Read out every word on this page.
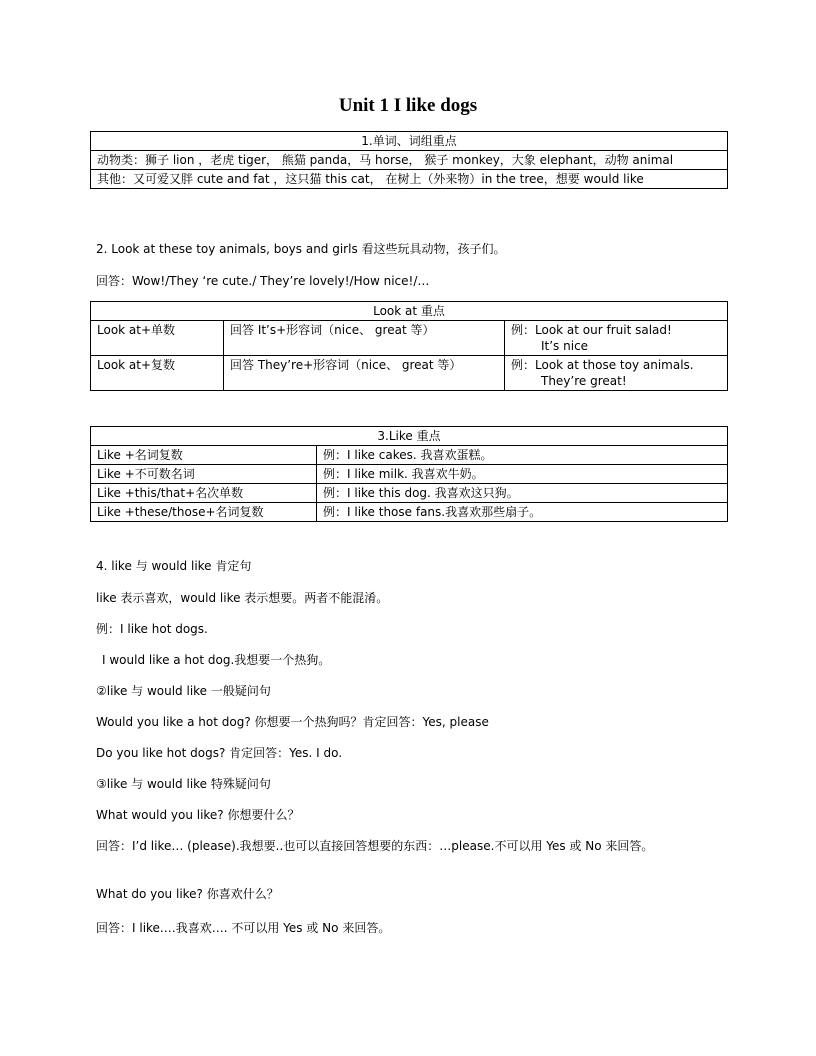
Unit 1 I like dogs
1.单词、词组重点
动物类：狮子 lion ，老虎 tiger， 熊猫 panda，马 horse， 猴子 monkey，大象 elephant，动物 animal
其他：又可爱又胖 cute and fat ，这只猫 this cat， 在树上（外来物）in the tree，想要 would like

2. Look at these toy animals, boys and girls 看这些玩具动物，孩子们。

回答：Wow!/They ‘re cute./ They’re lovely!/How nice!/…

Look at 重点		
Look at+单数	回答 It’s+形容词（nice、 great 等）	例：Look at our fruit salad!
It’s nice

Look at+复数	回答 They’re+形容词（nice、 great 等）	例：Look at those toy animals.
They’re great!
3.Like 重点	
Like +名词复数	例：I like cakes. 我喜欢蛋糕。
Like +不可数名词	例：I like milk. 我喜欢牛奶。
Like +this/that+名次单数	例：I like this dog. 我喜欢这只狗。
Like +these/those+名词复数	例：I like those fans.我喜欢那些扇子。

4. like 与 would like 肯定句

like 表示喜欢，would like 表示想要。两者不能混淆。

例：I like hot dogs.

I would like a hot dog.我想要一个热狗。

②like 与 would like 一般疑问句

Would you like a hot dog? 你想要一个热狗吗？肯定回答：Yes, please

Do you like hot dogs? 肯定回答：Yes. I do.

③like 与 would like 特殊疑问句

What would you like? 你想要什么？

回答：I’d like… (please).我想要..也可以直接回答想要的东西：…please.不可以用 Yes 或 No 来回答。

What do you like? 你喜欢什么？

回答：I like.…我喜欢…. 不可以用 Yes 或 No 来回答。
